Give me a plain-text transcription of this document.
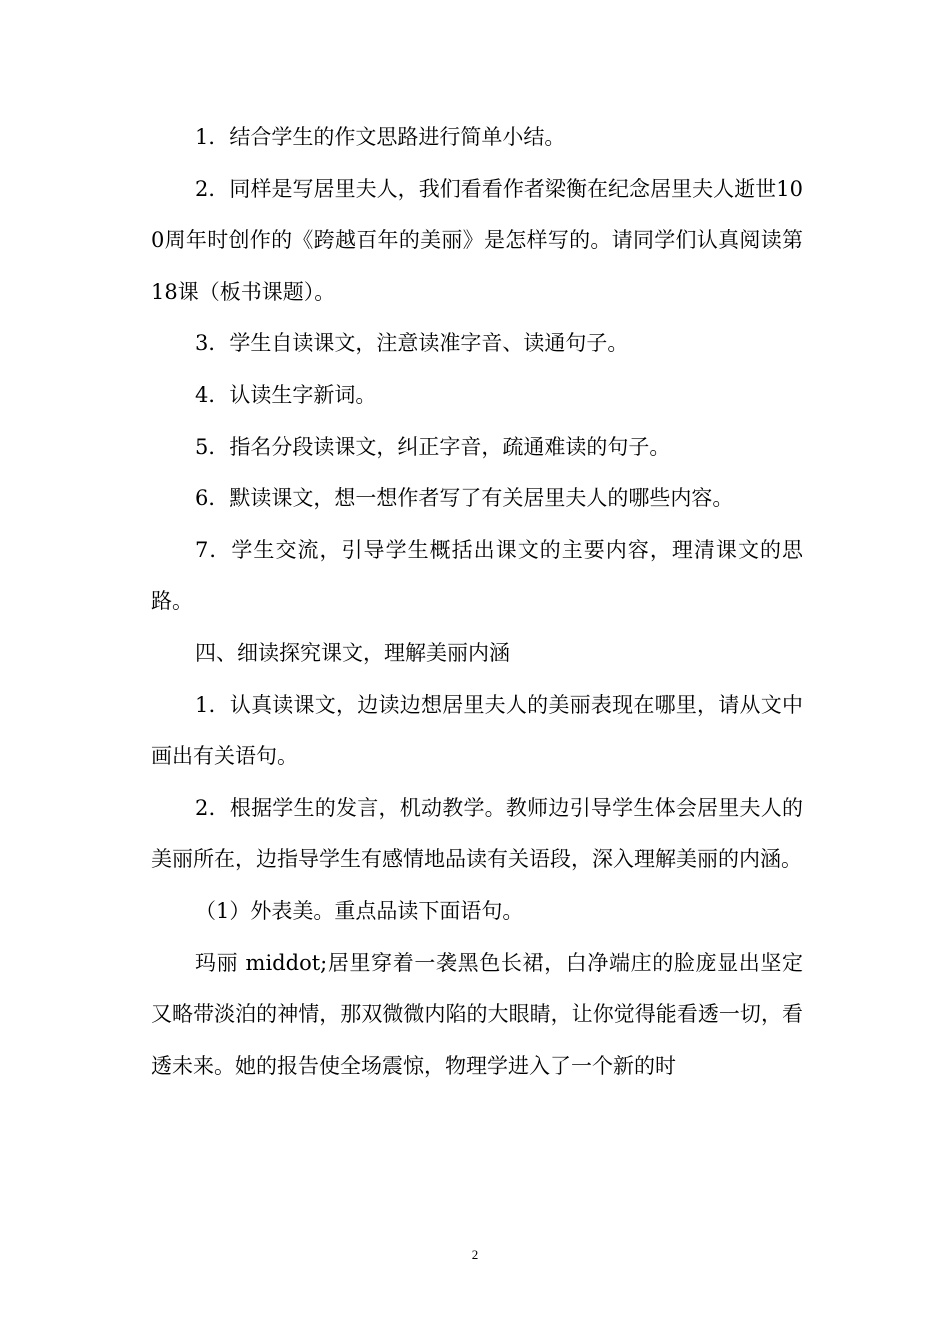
1．结合学生的作文思路进行简单小结。

2．同样是写居里夫人，我们看看作者梁衡在纪念居里夫人逝世100周年时创作的《跨越百年的美丽》是怎样写的。请同学们认真阅读第18课（板书课题）。

3．学生自读课文，注意读准字音、读通句子。

4．认读生字新词。

5．指名分段读课文，纠正字音，疏通难读的句子。

6．默读课文，想一想作者写了有关居里夫人的哪些内容。

7．学生交流，引导学生概括出课文的主要内容，理清课文的思路。

四、细读探究课文，理解美丽内涵

1．认真读课文，边读边想居里夫人的美丽表现在哪里，请从文中画出有关语句。

2．根据学生的发言，机动教学。教师边引导学生体会居里夫人的美丽所在，边指导学生有感情地品读有关语段，深入理解美丽的内涵。

（1）外表美。重点品读下面语句。

玛丽 middot;居里穿着一袭黑色长裙，白净端庄的脸庞显出坚定又略带淡泊的神情，那双微微内陷的大眼睛，让你觉得能看透一切，看透未来。她的报告使全场震惊，物理学进入了一个新的时

2
